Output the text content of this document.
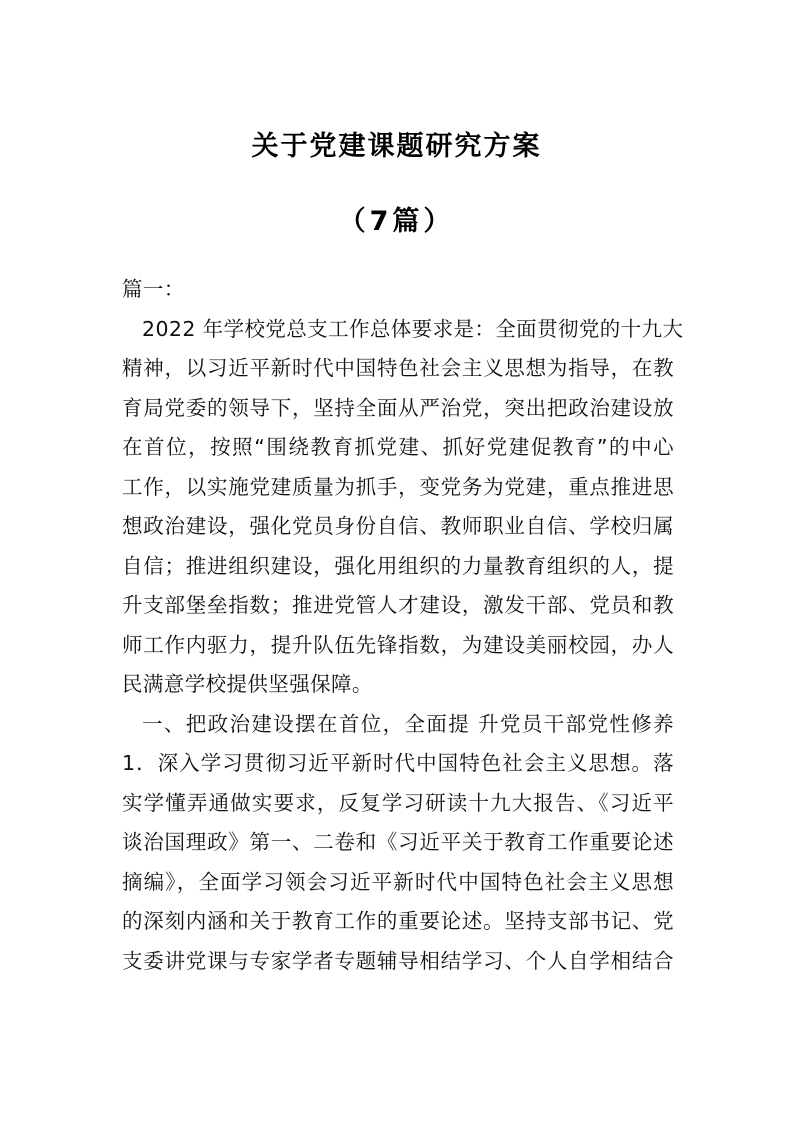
关于党建课题研究方案
（7篇）
篇一：
2022 年学校党总支工作总体要求是：全面贯彻党的十九大
精神，以习近平新时代中国特色社会主义思想为指导，在教
育局党委的领导下，坚持全面从严治党，突出把政治建设放
在首位，按照“围绕教育抓党建、抓好党建促教育”的中心
工作，以实施党建质量为抓手，变党务为党建，重点推进思
想政治建设，强化党员身份自信、教师职业自信、学校归属
自信；推进组织建设，强化用组织的力量教育组织的人，提
升支部堡垒指数；推进党管人才建设，激发干部、党员和教
师工作内驱力，提升队伍先锋指数，为建设美丽校园，办人
民满意学校提供坚强保障。
一、把政治建设摆在首位，全面提 升党员干部党性修养
1．深入学习贯彻习近平新时代中国特色社会主义思想。落
实学懂弄通做实要求，反复学习研读十九大报告、《习近平
谈治国理政》第一、二卷和《习近平关于教育工作重要论述
摘编》，全面学习领会习近平新时代中国特色社会主义思想
的深刻内涵和关于教育工作的重要论述。坚持支部书记、党
支委讲党课与专家学者专题辅导相结学习、个人自学相结合
